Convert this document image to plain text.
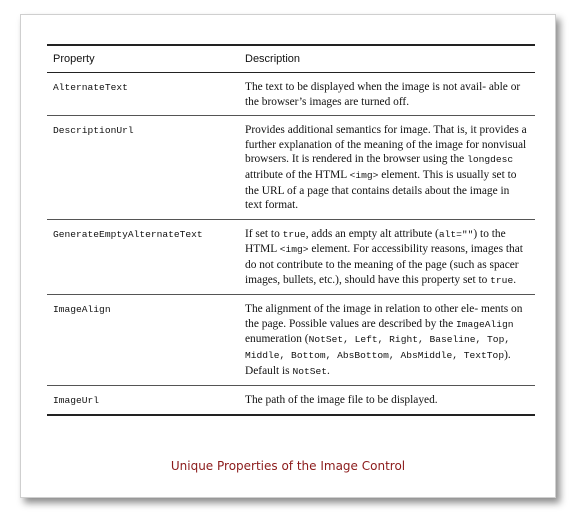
Property	Description
AlternateText	The text to be displayed when the image is not avail- able or the browser’s images are turned off.
DescriptionUrl	Provides additional semantics for image. That is, it provides a further explanation of the meaning of the image for nonvisual browsers. It is rendered in the browser using the longdesc attribute of the HTML <img> element. This is usually set to the URL of a page that contains details about the image in text format.
GenerateEmptyAlternateText	If set to true, adds an empty alt attribute (alt="") to the HTML <img> element. For accessibility reasons, images that do not contribute to the meaning of the page (such as spacer images, bullets, etc.), should have this property set to true.
ImageAlign	The alignment of the image in relation to other ele- ments on the page. Possible values are described by the ImageAlign enumeration (NotSet, Left, Right, Baseline, Top, Middle, Bottom, AbsBottom, AbsMiddle, TextTop). Default is NotSet.
ImageUrl	The path of the image file to be displayed.
Unique Properties of the Image Control
